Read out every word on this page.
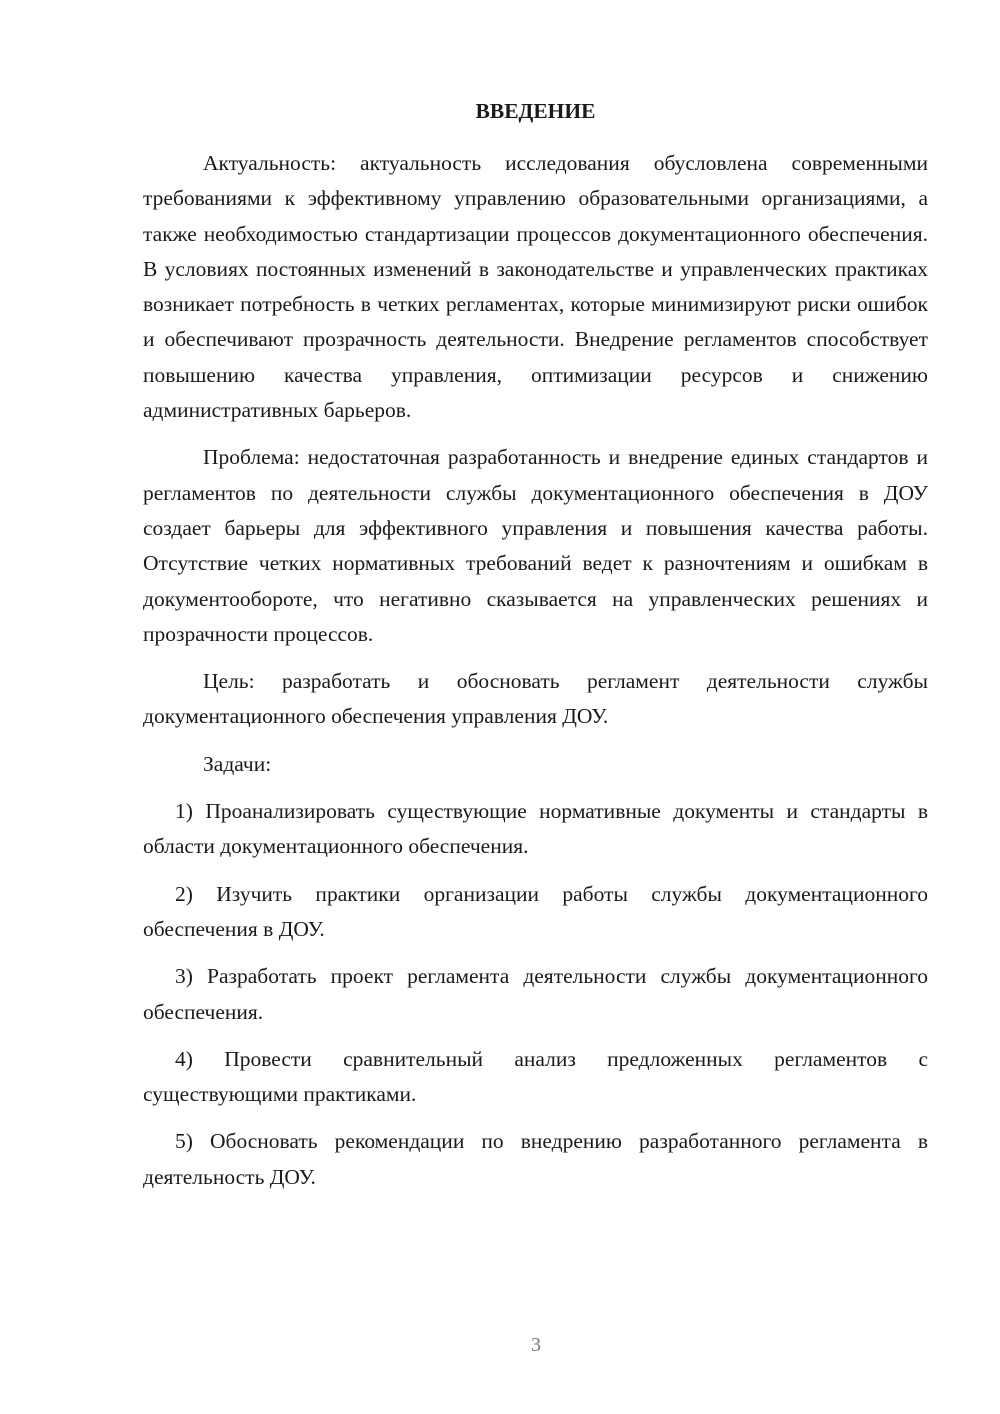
ВВЕДЕНИЕ

Актуальность: актуальность исследования обусловлена современными требованиями к эффективному управлению образовательными организациями, а также необходимостью стандартизации процессов документационного обеспечения. В условиях постоянных изменений в законодательстве и управленческих практиках возникает потребность в четких регламентах, которые минимизируют риски ошибок и обеспечивают прозрачность деятельности. Внедрение регламентов способствует повышению качества управления, оптимизации ресурсов и снижению административных барьеров.

Проблема: недостаточная разработанность и внедрение единых стандартов и регламентов по деятельности службы документационного обеспечения в ДОУ создает барьеры для эффективного управления и повышения качества работы. Отсутствие четких нормативных требований ведет к разночтениям и ошибкам в документообороте, что негативно сказывается на управленческих решениях и прозрачности процессов.

Цель: разработать и обосновать регламент деятельности службы документационного обеспечения управления ДОУ.

Задачи:

1) Проанализировать существующие нормативные документы и стандарты в области документационного обеспечения.

2) Изучить практики организации работы службы документационного обеспечения в ДОУ.

3) Разработать проект регламента деятельности службы документационного обеспечения.

4) Провести сравнительный анализ предложенных регламентов с существующими практиками.

5) Обосновать рекомендации по внедрению разработанного регламента в деятельность ДОУ.

3
